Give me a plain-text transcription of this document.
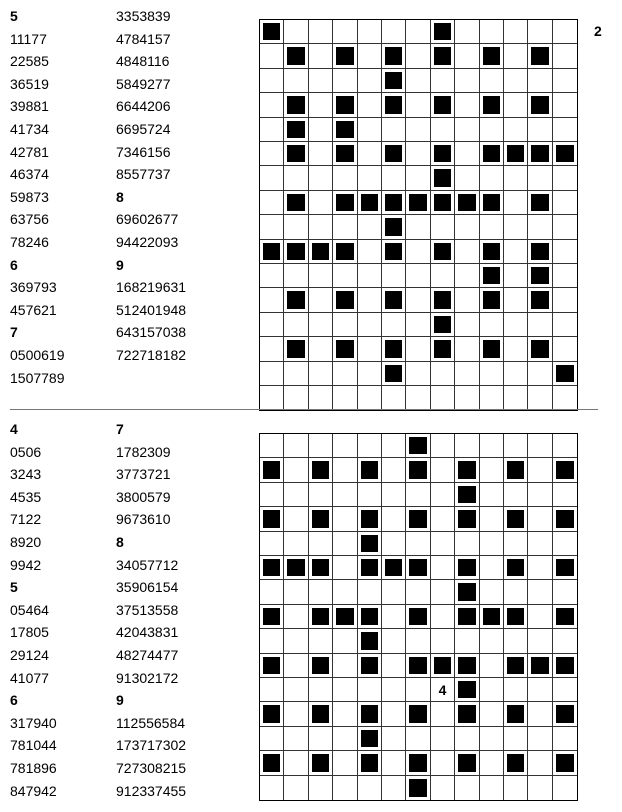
5
11177
22585
36519
39881
41734
42781
46374
59873
63756
78246
6
369793
457621
7
0500619
1507789
3353839
4784157
4848116
5849277
6644206
6695724
7346156
8557737
8
69602677
94422093
9
168219631
512401948
643157038
722718182
2
4
0506
3243
4535
7122
8920
9942
5
05464
17805
29124
41077
6
317940
781044
781896
847942
7
1782309
3773721
3800579
9673610
8
34057712
35906154
37513558
42043831
48274477
91302172
9
112556584
173717302
727308215
912337455
4
